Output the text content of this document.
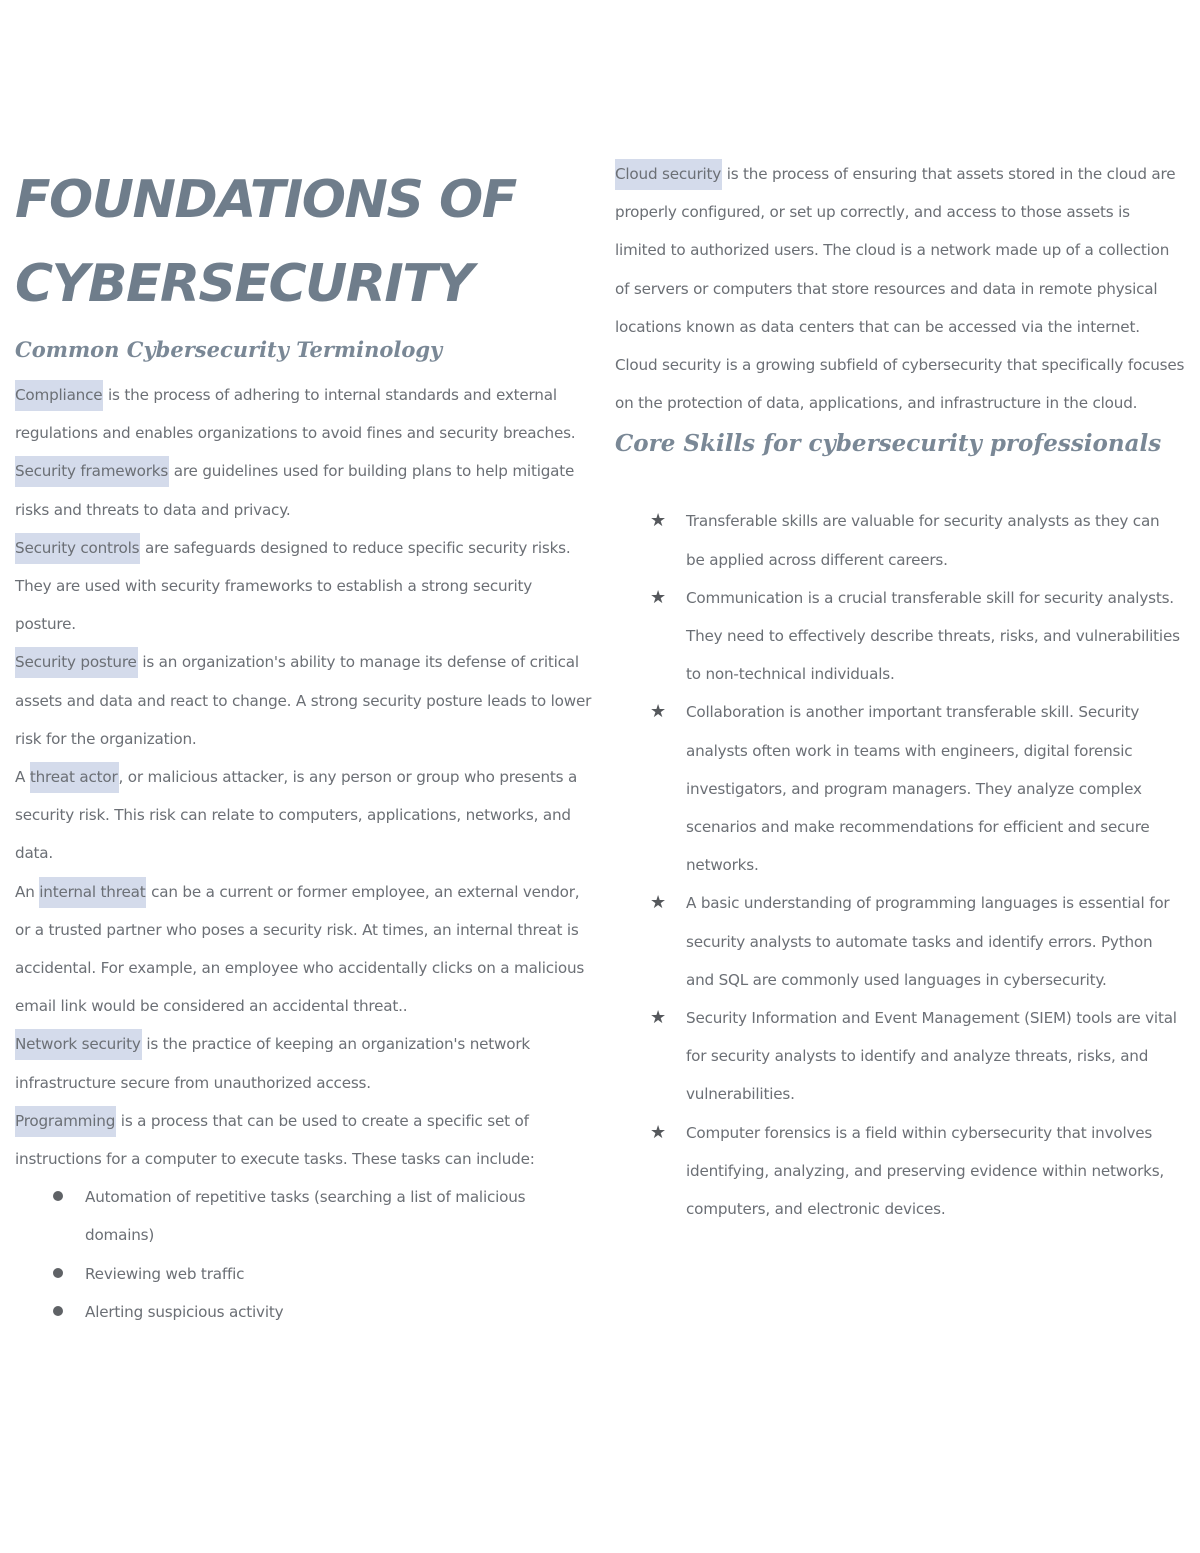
FOUNDATIONS OF
CYBERSECURITY
Common Cybersecurity Terminology

Compliance is the process of adhering to internal standards and external regulations and enables organizations to avoid fines and security breaches.

Security frameworks are guidelines used for building plans to help mitigate risks and threats to data and privacy.

Security controls are safeguards designed to reduce specific security risks. They are used with security frameworks to establish a strong security posture.

Security posture is an organization's ability to manage its defense of critical assets and data and react to change. A strong security posture leads to lower risk for the organization.

A threat actor, or malicious attacker, is any person or group who presents a security risk. This risk can relate to computers, applications, networks, and data.

An internal threat can be a current or former employee, an external vendor, or a trusted partner who poses a security risk. At times, an internal threat is accidental. For example, an employee who accidentally clicks on a malicious email link would be considered an accidental threat..

Network security is the practice of keeping an organization's network infrastructure secure from unauthorized access.

Programming is a process that can be used to create a specific set of instructions for a computer to execute tasks. These tasks can include:

Automation of repetitive tasks (searching a list of malicious domains)
Reviewing web traffic
Alerting suspicious activity

Cloud security is the process of ensuring that assets stored in the cloud are properly configured, or set up correctly, and access to those assets is limited to authorized users. The cloud is a network made up of a collection of servers or computers that store resources and data in remote physical locations known as data centers that can be accessed via the internet. Cloud security is a growing subfield of cybersecurity that specifically focuses on the protection of data, applications, and infrastructure in the cloud.

Core Skills for cybersecurity professionals
★ Transferable skills are valuable for security analysts as they can be applied across different careers.
★ Communication is a crucial transferable skill for security analysts. They need to effectively describe threats, risks, and vulnerabilities to non-technical individuals.
★ Collaboration is another important transferable skill. Security analysts often work in teams with engineers, digital forensic investigators, and program managers. They analyze complex scenarios and make recommendations for efficient and secure networks.
★ A basic understanding of programming languages is essential for security analysts to automate tasks and identify errors. Python and SQL are commonly used languages in cybersecurity.
★ Security Information and Event Management (SIEM) tools are vital for security analysts to identify and analyze threats, risks, and vulnerabilities.
★ Computer forensics is a field within cybersecurity that involves identifying, analyzing, and preserving evidence within networks, computers, and electronic devices.
